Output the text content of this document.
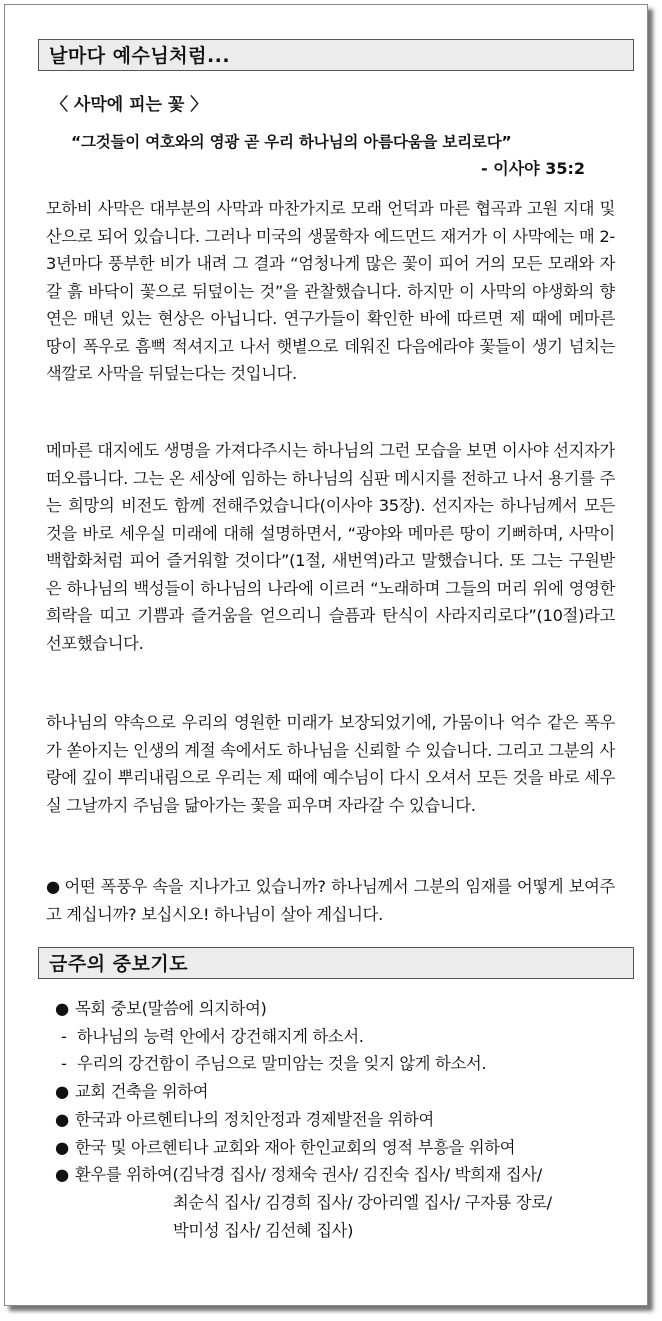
날마다 예수님처럼...
〈 사막에 피는 꽃 〉
“그것들이 여호와의 영광 곧 우리 하나님의 아름다움을 보리로다”
- 이사야 35:2

모하비 사막은 대부분의 사막과 마찬가지로 모래 언덕과 마른 협곡과 고원 지대 및 산으로 되어 있습니다. 그러나 미국의 생물학자 에드먼드 재거가 이 사막에는 매 2-3년마다 풍부한 비가 내려 그 결과 “엄청나게 많은 꽃이 피어 거의 모든 모래와 자갈 흙 바닥이 꽃으로 뒤덮이는 것”을 관찰했습니다. 하지만 이 사막의 야생화의 향연은 매년 있는 현상은 아닙니다. 연구가들이 확인한 바에 따르면 제 때에 메마른 땅이 폭우로 흠뻑 적셔지고 나서 햇볕으로 데워진 다음에라야 꽃들이 생기 넘치는 색깔로 사막을 뒤덮는다는 것입니다.

메마른 대지에도 생명을 가져다주시는 하나님의 그런 모습을 보면 이사야 선지자가 떠오릅니다. 그는 온 세상에 임하는 하나님의 심판 메시지를 전하고 나서 용기를 주는 희망의 비전도 함께 전해주었습니다(이사야 35장). 선지자는 하나님께서 모든 것을 바로 세우실 미래에 대해 설명하면서, “광야와 메마른 땅이 기뻐하며, 사막이 백합화처럼 피어 즐거워할 것이다”(1절, 새번역)라고 말했습니다. 또 그는 구원받은 하나님의 백성들이 하나님의 나라에 이르러 “노래하며 그들의 머리 위에 영영한 희락을 띠고 기쁨과 즐거움을 얻으리니 슬픔과 탄식이 사라지리로다”(10절)라고 선포했습니다.

하나님의 약속으로 우리의 영원한 미래가 보장되었기에, 가뭄이나 억수 같은 폭우가 쏟아지는 인생의 계절 속에서도 하나님을 신뢰할 수 있습니다. 그리고 그분의 사랑에 깊이 뿌리내림으로 우리는 제 때에 예수님이 다시 오셔서 모든 것을 바로 세우실 그날까지 주님을 닮아가는 꽃을 피우며 자라갈 수 있습니다.

● 어떤 폭풍우 속을 지나가고 있습니까? 하나님께서 그분의 임재를 어떻게 보여주고 계십니까? 보십시오! 하나님이 살아 계십니다.

금주의 중보기도
● 목회 중보(말씀에 의지하여)
- 하나님의 능력 안에서 강건해지게 하소서.
- 우리의 강건함이 주님으로 말미암는 것을 잊지 않게 하소서.
● 교회 건축을 위하여
● 한국과 아르헨티나의 정치안정과 경제발전을 위하여
● 한국 및 아르헨티나 교회와 재아 한인교회의 영적 부흥을 위하여
● 환우를 위하여(김낙경 집사/ 정채숙 권사/ 김진숙 집사/ 박희재 집사/
최순식 집사/ 김경희 집사/ 강아리엘 집사/ 구자룡 장로/
박미성 집사/ 김선혜 집사)
